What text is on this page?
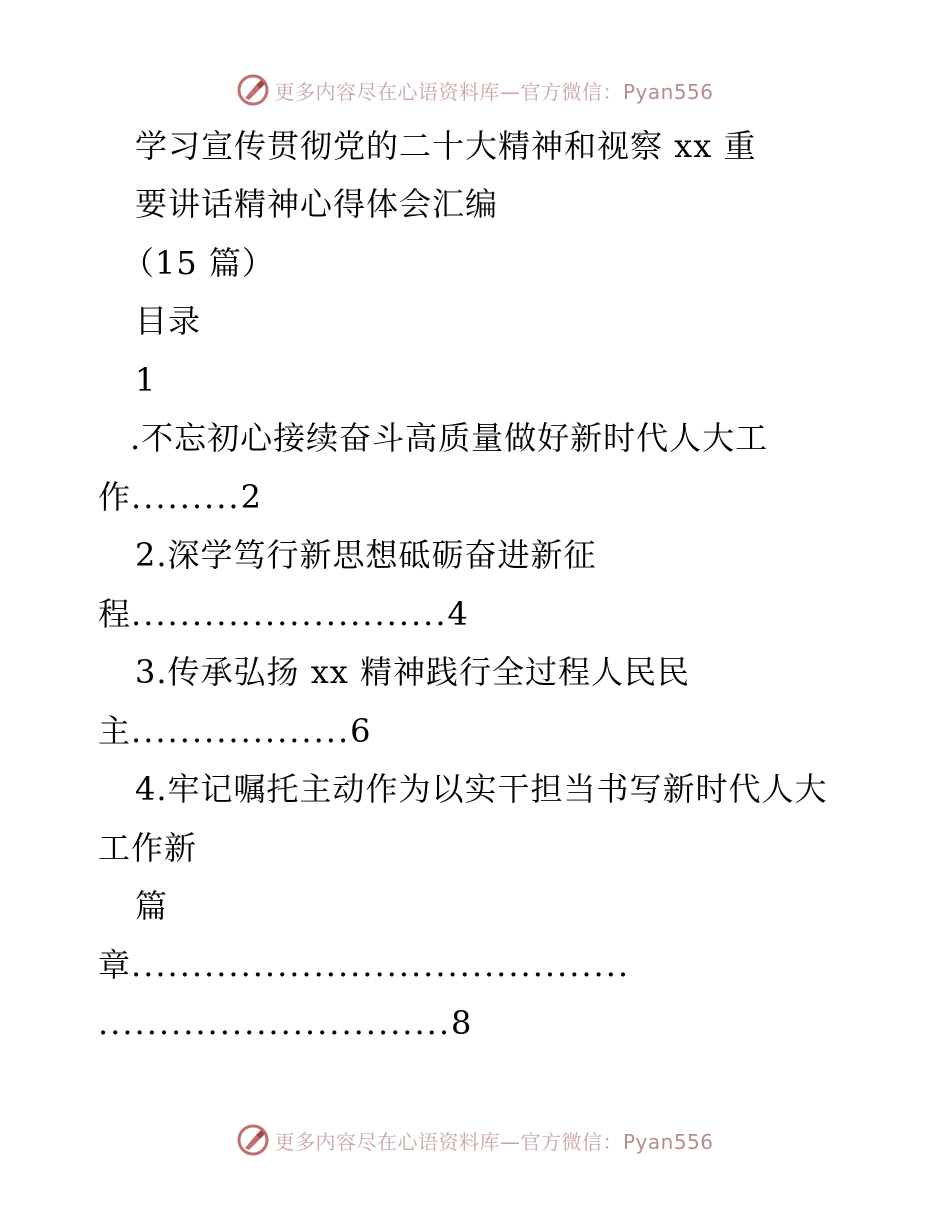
更多内容尽在心语资料库—官方微信：Pyan556
学习宣传贯彻党的二十大精神和视察 xx 重
要讲话精神心得体会汇编
（15 篇）
目录
1
.不忘初心接续奋斗高质量做好新时代人大工
作.........2
2.深学笃行新思想砥砺奋进新征
程..........................4
3.传承弘扬 xx 精神践行全过程人民民
主..................6
4.牢记嘱托主动作为以实干担当书写新时代人大
工作新
篇
章.........................................
.............................8
更多内容尽在心语资料库—官方微信：Pyan556
